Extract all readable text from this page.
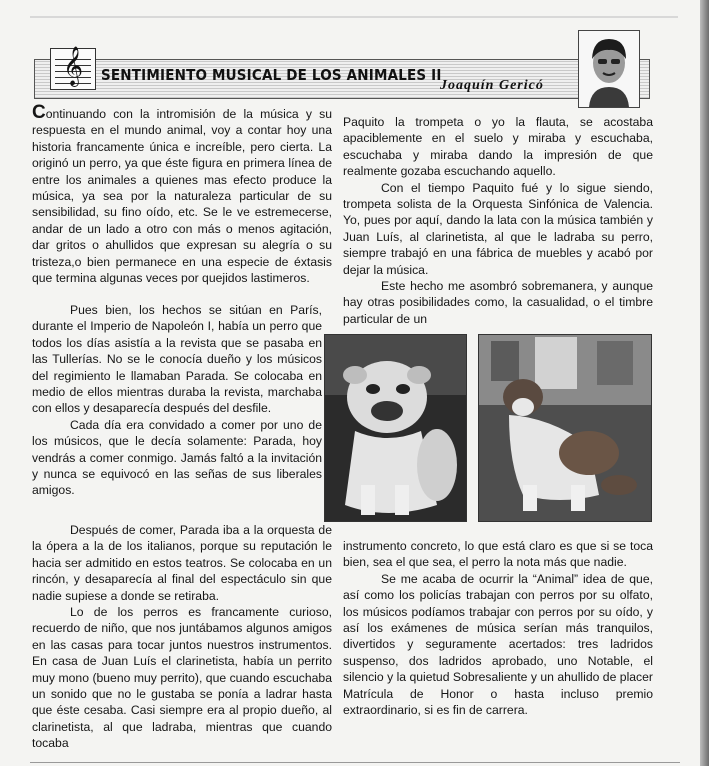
𝄞 SENTIMIENTO MUSICAL DE LOS ANIMALES II
Joaquín Gericó

Continuando con la intromisión de la música y su respuesta en el mundo animal, voy a contar hoy una historia francamente única e increíble, pero cierta. La originó un perro, ya que éste figura en primera línea de entre los animales a quienes mas efecto produce la música, ya sea por la naturaleza particular de su sensibilidad, su fino oído, etc. Se le ve estremecerse, andar de un lado a otro con más o menos agitación, dar gritos o ahullidos que expresan su alegría o su tristeza,o bien permanece en una especie de éxtasis que termina algunas veces por quejidos lastimeros.

Pues bien, los hechos se sitúan en París, durante el Imperio de Napoleón I, había un perro que todos los días asistía a la revista que se pasaba en las Tullerías. No se le conocía dueño y los músicos del regimiento le llamaban Parada. Se colocaba en medio de ellos mientras duraba la revista, marchaba con ellos y desaparecía después del desfile.

Cada día era convidado a comer por uno de los músicos, que le decía solamente: Parada, hoy vendrás a comer conmigo. Jamás faltó a la invitación y nunca se equivocó en las señas de sus liberales amigos.

Después de comer, Parada iba a la orquesta de la ópera a la de los italianos, porque su reputación le hacia ser admitido en estos teatros. Se colocaba en un rincón, y desaparecía al final del espectáculo sin que nadie supiese a donde se retiraba.

Lo de los perros es francamente curioso, recuerdo de niño, que nos juntábamos algunos amigos en las casas para tocar juntos nuestros instrumentos. En casa de Juan Luís el clarinetista, había un perrito muy mono (bueno muy perrito), que cuando escuchaba un sonido que no le gustaba se ponía a ladrar hasta que éste cesaba. Casi siempre era al propio dueño, al clarinetista, al que ladraba, mientras que cuando tocaba

Paquito la trompeta o yo la flauta, se acostaba apaciblemente en el suelo y miraba y escuchaba, escuchaba y miraba dando la impresión de que realmente gozaba escuchando aquello.

Con el tiempo Paquito fué y lo sigue siendo, trompeta solista de la Orquesta Sinfónica de Valencia. Yo, pues por aquí, dando la lata con la música también y Juan Luís, al clarinetista, al que le ladraba su perro, siempre trabajó en una fábrica de muebles y acabó por dejar la música.

Este hecho me asombró sobremanera, y aunque hay otras posibilidades como, la casualidad, o el timbre particular de un

instrumento concreto, lo que está claro es que si se toca bien, sea el que sea, el perro la nota más que nadie.

Se me acaba de ocurrir la “Animal” idea de que, así como los policías trabajan con perros por su olfato, los músicos podíamos trabajar con perros por su oído, y así los exámenes de música serían más tranquilos, divertidos y seguramente acertados: tres ladridos suspenso, dos ladridos aprobado, uno Notable, el silencio y la quietud Sobresaliente y un ahullido de placer Matrícula de Honor o hasta incluso premio extraordinario, si es fin de carrera.
